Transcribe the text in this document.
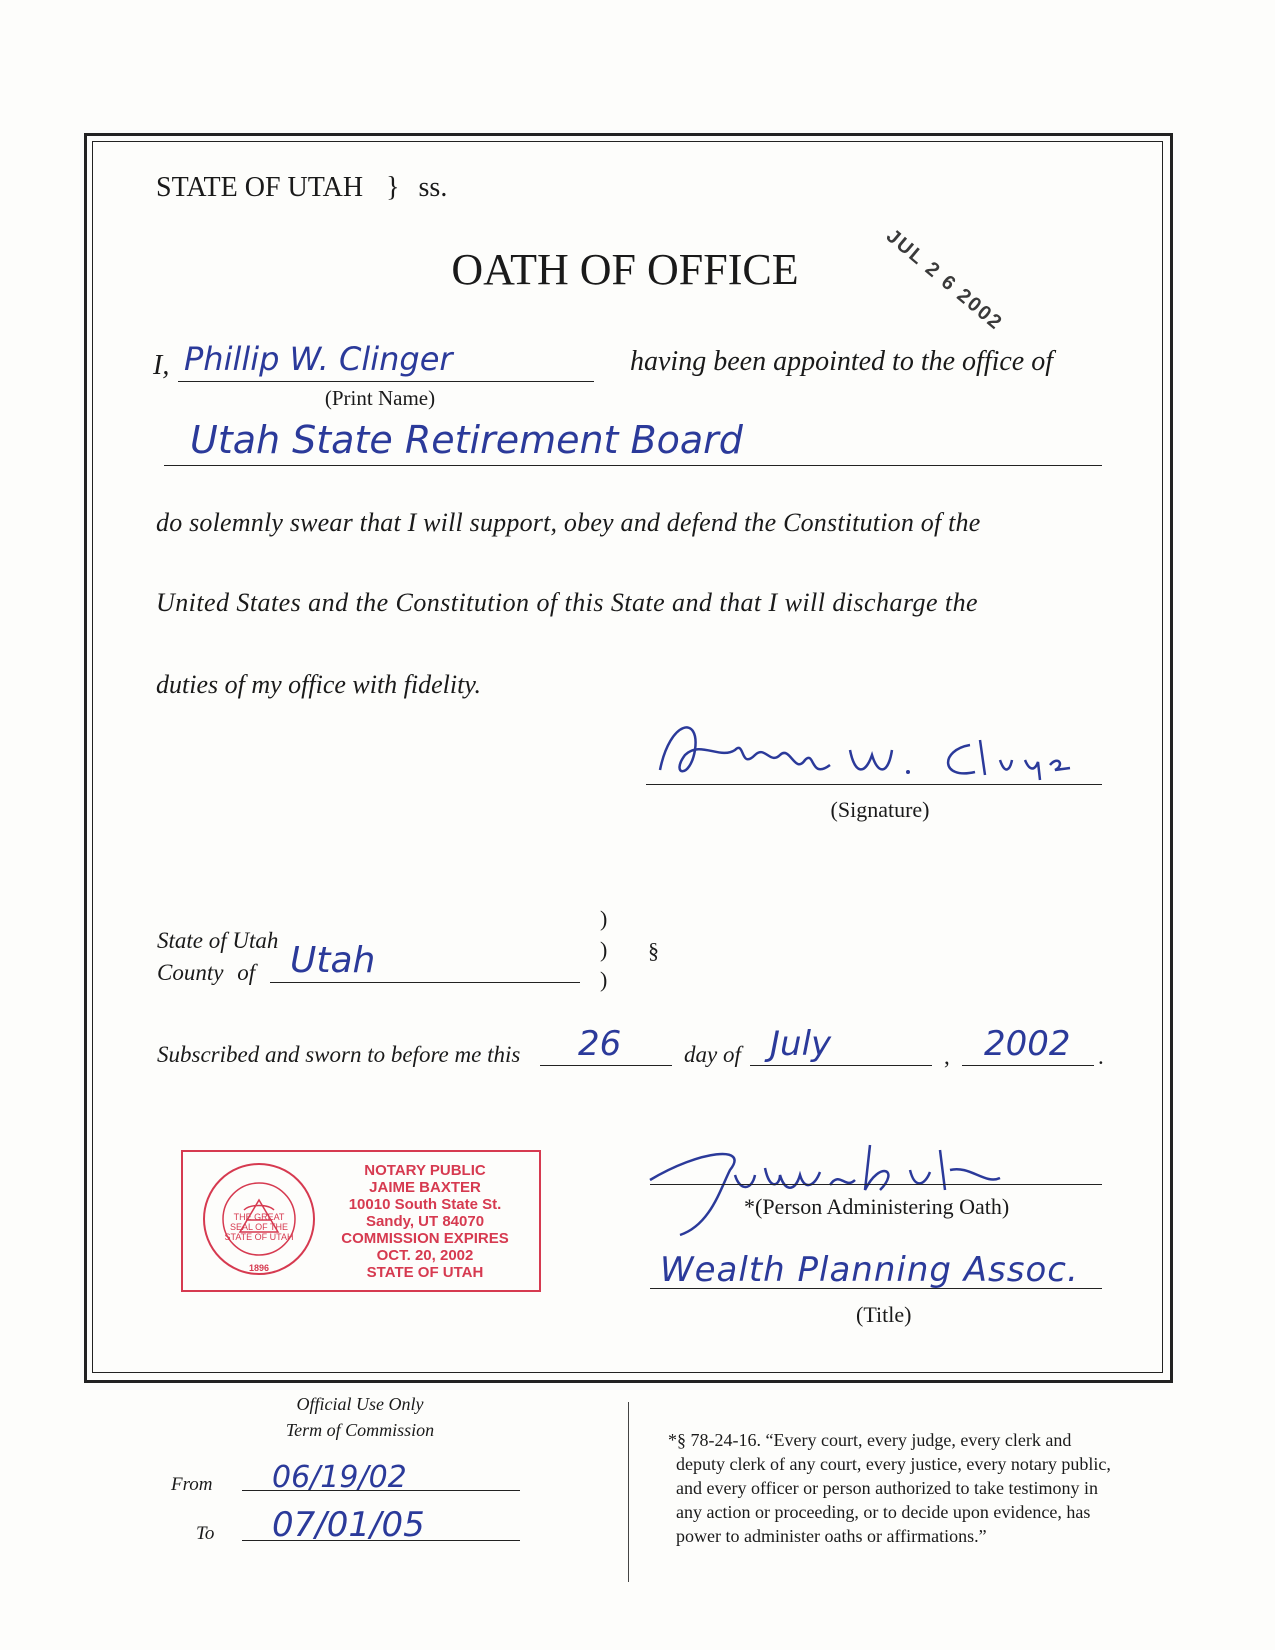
STATE OF UTAH } ss.
OATH OF OFFICE	JUL 2 6 2002
I, Phillip W. Clinger
(Print Name)
having been appointed to the office of
Utah State Retirement Board
do solemnly swear that I will support, obey and defend the Constitution of the
United States and the Constitution of this State and that I will discharge the
duties of my office with fidelity.
(Signature)
State of Utah
County of Utah
)
)
)
§
Subscribed and sworn to before me this 26	day of July	, 2002 .
THE GREAT SEAL OF THE STATE OF UTAH
1896
NOTARY PUBLIC
JAIME BAXTER
10010 South State St.
Sandy, UT 84070
COMMISSION EXPIRES
OCT. 20, 2002
STATE OF UTAH
*(Person Administering Oath)
Wealth Planning Assoc.
(Title)
Official Use Only
Term of Commission
From 06/19/02
To 07/01/05
*§ 78-24-16. “Every court, every judge, every clerk and
deputy clerk of any court, every justice, every notary public,
and every officer or person authorized to take testimony in
any action or proceeding, or to decide upon evidence, has
power to administer oaths or affirmations.”
